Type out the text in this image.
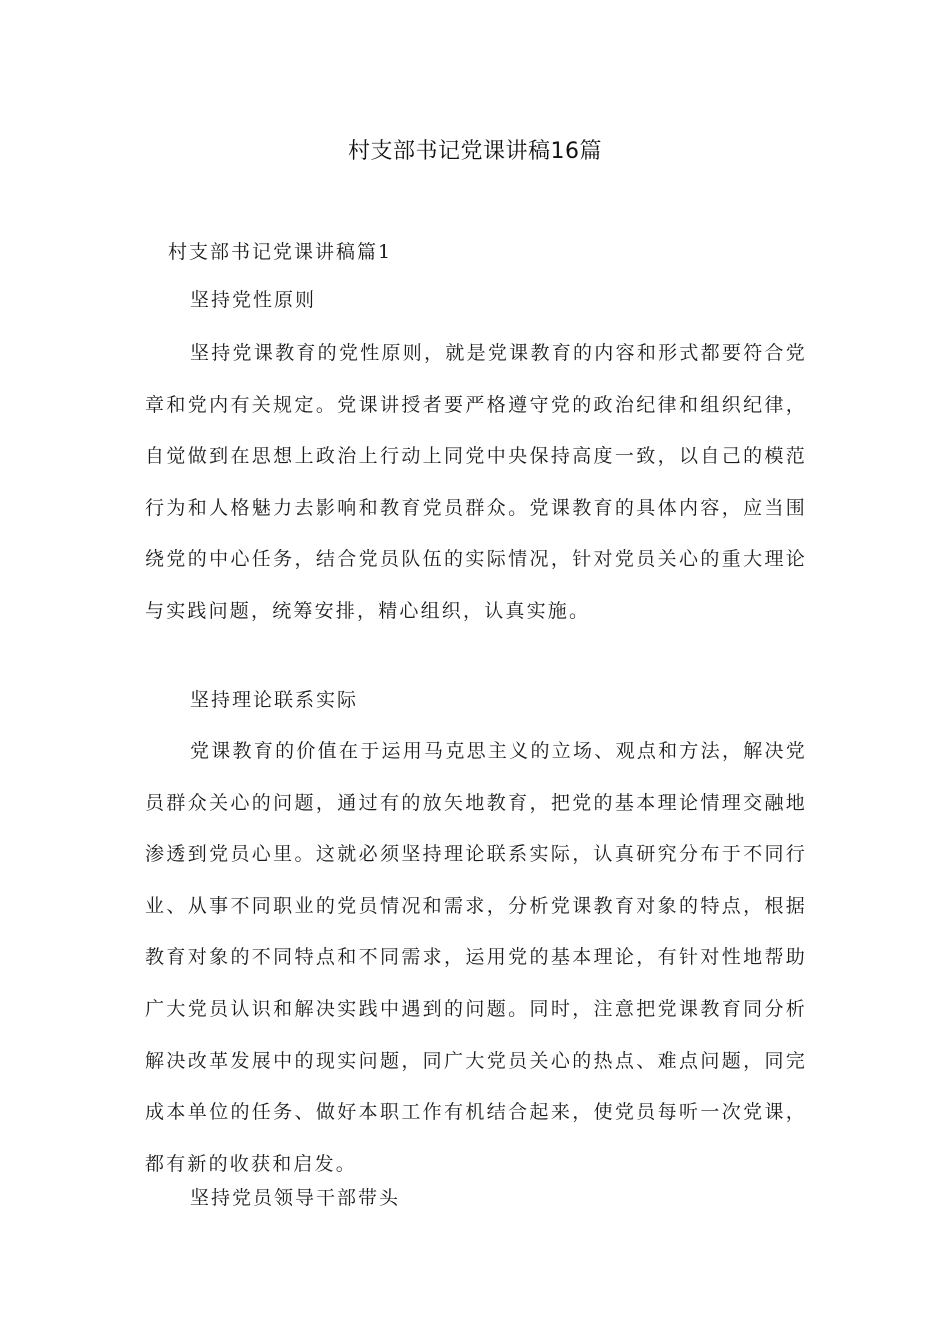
村支部书记党课讲稿16篇
村支部书记党课讲稿篇1
坚持党性原则

坚持党课教育的党性原则，就是党课教育的内容和形式都要符合党章和党内有关规定。党课讲授者要严格遵守党的政治纪律和组织纪律，自觉做到在思想上政治上行动上同党中央保持高度一致，以自己的模范行为和人格魅力去影响和教育党员群众。党课教育的具体内容，应当围绕党的中心任务，结合党员队伍的实际情况，针对党员关心的重大理论与实践问题，统筹安排，精心组织，认真实施。

坚持理论联系实际

党课教育的价值在于运用马克思主义的立场、观点和方法，解决党员群众关心的问题，通过有的放矢地教育，把党的基本理论情理交融地渗透到党员心里。这就必须坚持理论联系实际，认真研究分布于不同行业、从事不同职业的党员情况和需求，分析党课教育对象的特点，根据教育对象的不同特点和不同需求，运用党的基本理论，有针对性地帮助广大党员认识和解决实践中遇到的问题。同时，注意把党课教育同分析解决改革发展中的现实问题，同广大党员关心的热点、难点问题，同完成本单位的任务、做好本职工作有机结合起来，使党员每听一次党课，都有新的收获和启发。

坚持党员领导干部带头
